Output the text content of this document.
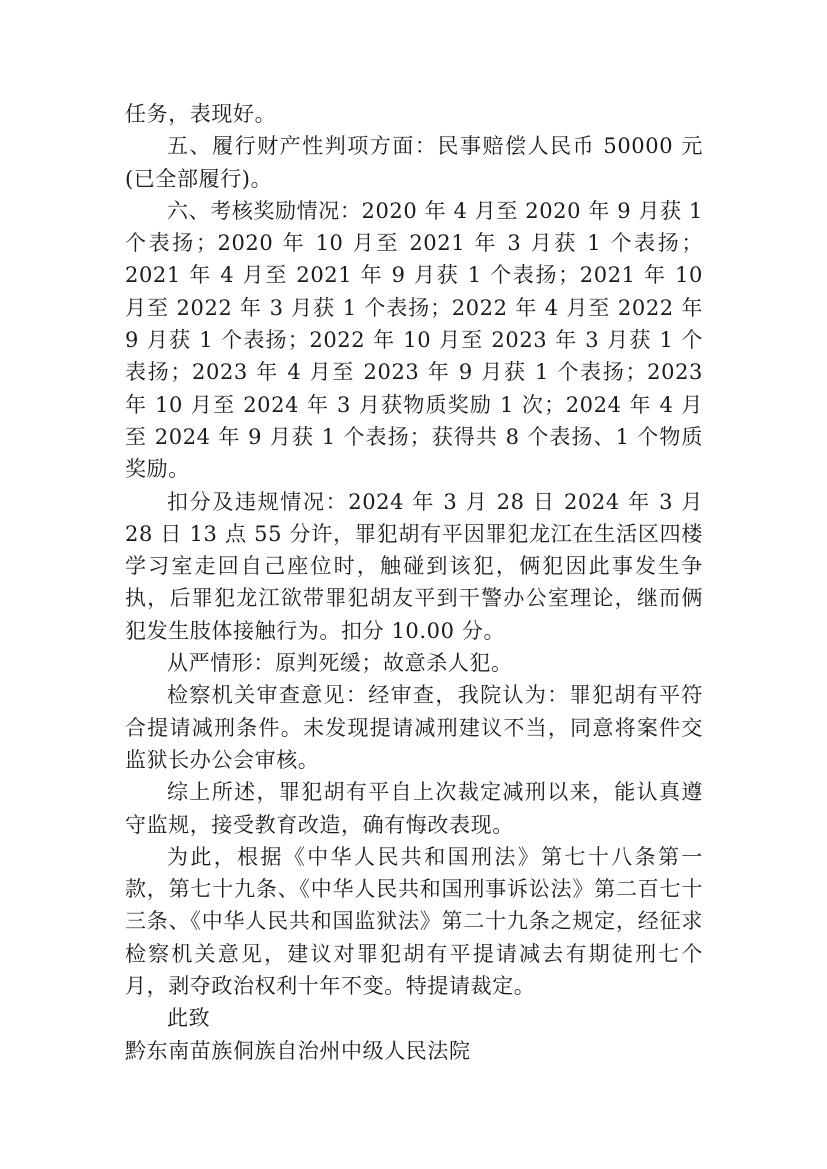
任务，表现好。

五、履行财产性判项方面：民事赔偿人民币 50000 元(已全部履行)。

六、考核奖励情况：2020 年 4 月至 2020 年 9 月获 1 个表扬；2020 年 10 月至 2021 年 3 月获 1 个表扬；2021 年 4 月至 2021 年 9 月获 1 个表扬；2021 年 10 月至 2022 年 3 月获 1 个表扬；2022 年 4 月至 2022 年 9 月获 1 个表扬；2022 年 10 月至 2023 年 3 月获 1 个表扬；2023 年 4 月至 2023 年 9 月获 1 个表扬；2023 年 10 月至 2024 年 3 月获物质奖励 1 次；2024 年 4 月至 2024 年 9 月获 1 个表扬；获得共 8 个表扬、1 个物质奖励。

扣分及违规情况：2024 年 3 月 28 日 2024 年 3 月 28 日 13 点 55 分许，罪犯胡有平因罪犯龙江在生活区四楼学习室走回自己座位时，触碰到该犯，俩犯因此事发生争执，后罪犯龙江欲带罪犯胡友平到干警办公室理论，继而俩犯发生肢体接触行为。扣分 10.00 分。

从严情形：原判死缓；故意杀人犯。

检察机关审查意见：经审查，我院认为：罪犯胡有平符合提请减刑条件。未发现提请减刑建议不当，同意将案件交监狱长办公会审核。

综上所述，罪犯胡有平自上次裁定减刑以来，能认真遵守监规，接受教育改造，确有悔改表现。

为此，根据《中华人民共和国刑法》第七十八条第一款，第七十九条、《中华人民共和国刑事诉讼法》第二百七十三条、《中华人民共和国监狱法》第二十九条之规定，经征求检察机关意见，建议对罪犯胡有平提请减去有期徒刑七个月，剥夺政治权利十年不变。特提请裁定。

此致

黔东南苗族侗族自治州中级人民法院
